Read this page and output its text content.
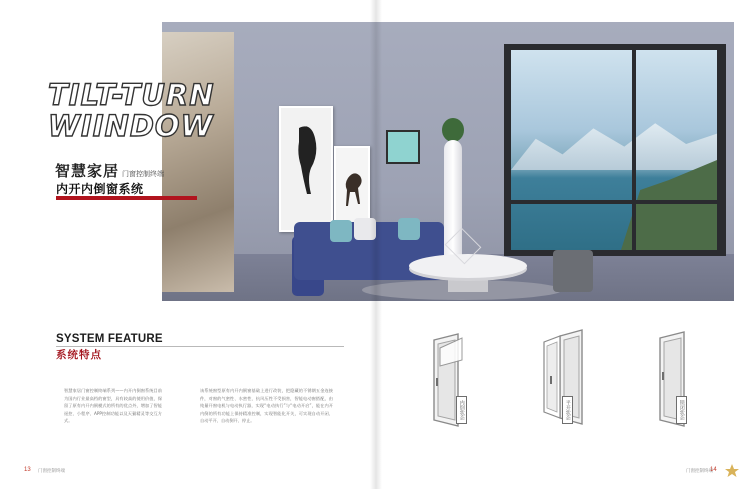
TILT-TURN
WIINDOW
智慧家居 门窗控制终端
内开内倒窗系统
SYSTEM FEATURE
系统特点
智慧家居门窗控制终端系列——内开内倒窗系统目前为国内行业最高档的窗型，具有较高的使用价值，保留了原有内开内倒模式的所有的优点外，增加了智能遥控、小程序、APP控制功能以及天猫精灵等交互方式。
该系统窗型原有内开内倒窗基础上进行改装，把隐藏的不锈钢五金连接件，对窗的气密性、水密性、抗风压性不受损害，智能电动窗搭配，由纯量开窗电机与电动执行器，实现“电动执行”与“电动开启”，能在内开内倒的所有功能上保持精准控制，实现智能化开关，可实现自动开闭、自动平开、自动倒开、停止。
内倒状态	平开状态	锁闭状态
13 门窗控制终端	门窗控制终端
14
